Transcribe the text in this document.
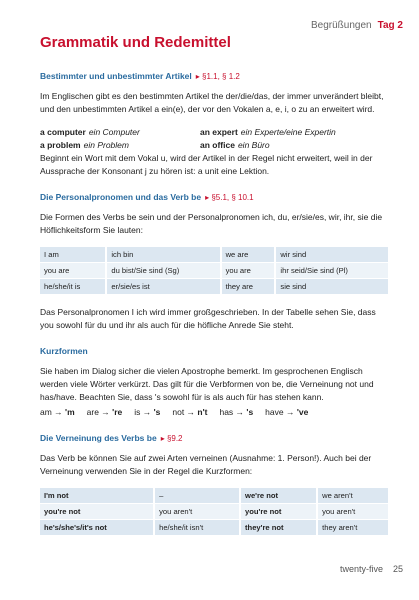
Begrüßungen Tag 2
Grammatik und Redemittel
Bestimmter und unbestimmter Artikel ▸ §1.1, § 1.2

Im Englischen gibt es den bestimmten Artikel the der/die/das, der immer unverändert bleibt, und den unbestimmten Artikel a ein(e), der vor den Vokalen a, e, i, o zu an erweitert wird.

a computer ein Computer	an expert ein Experte/eine Expertin
a problem ein Problem	an office ein Büro

Beginnt ein Wort mit dem Vokal u, wird der Artikel in der Regel nicht erweitert, weil in der Aussprache der Konsonant j zu hören ist: a unit eine Lektion.

Die Personalpronomen und das Verb be ▸ §5.1, § 10.1

Die Formen des Verbs be sein und der Personalpronomen ich, du, er/sie/es, wir, ihr, sie die Höflichkeitsform Sie lauten:

I am	ich bin	we are	wir sind
you are	du bist/Sie sind (Sg)	you are	ihr seid/Sie sind (Pl)
he/she/it is	er/sie/es ist	they are	sie sind

Das Personalpronomen I ich wird immer großgeschrieben. In der Tabelle sehen Sie, dass you sowohl für du und ihr als auch für die höfliche Anrede Sie steht.

Kurzformen

Sie haben im Dialog sicher die vielen Apostrophe bemerkt. Im gesprochenen Englisch werden viele Wörter verkürzt. Das gilt für die Verbformen von be, die Verneinung not und has/have. Beachten Sie, dass 's sowohl für is als auch für has stehen kann.

am → 'm are → 're is → 's not → n't has → 's have → 've
Die Verneinung des Verbs be ▸ §9.2

Das Verb be können Sie auf zwei Arten verneinen (Ausnahme: 1. Person!). Auch bei der Verneinung verwenden Sie in der Regel die Kurzformen:

I'm not	–	we're not	we aren't
you're not	you aren't	you're not	you aren't
he's/she's/it's not	he/she/it isn't	they're not	they aren't
twenty-five 25
